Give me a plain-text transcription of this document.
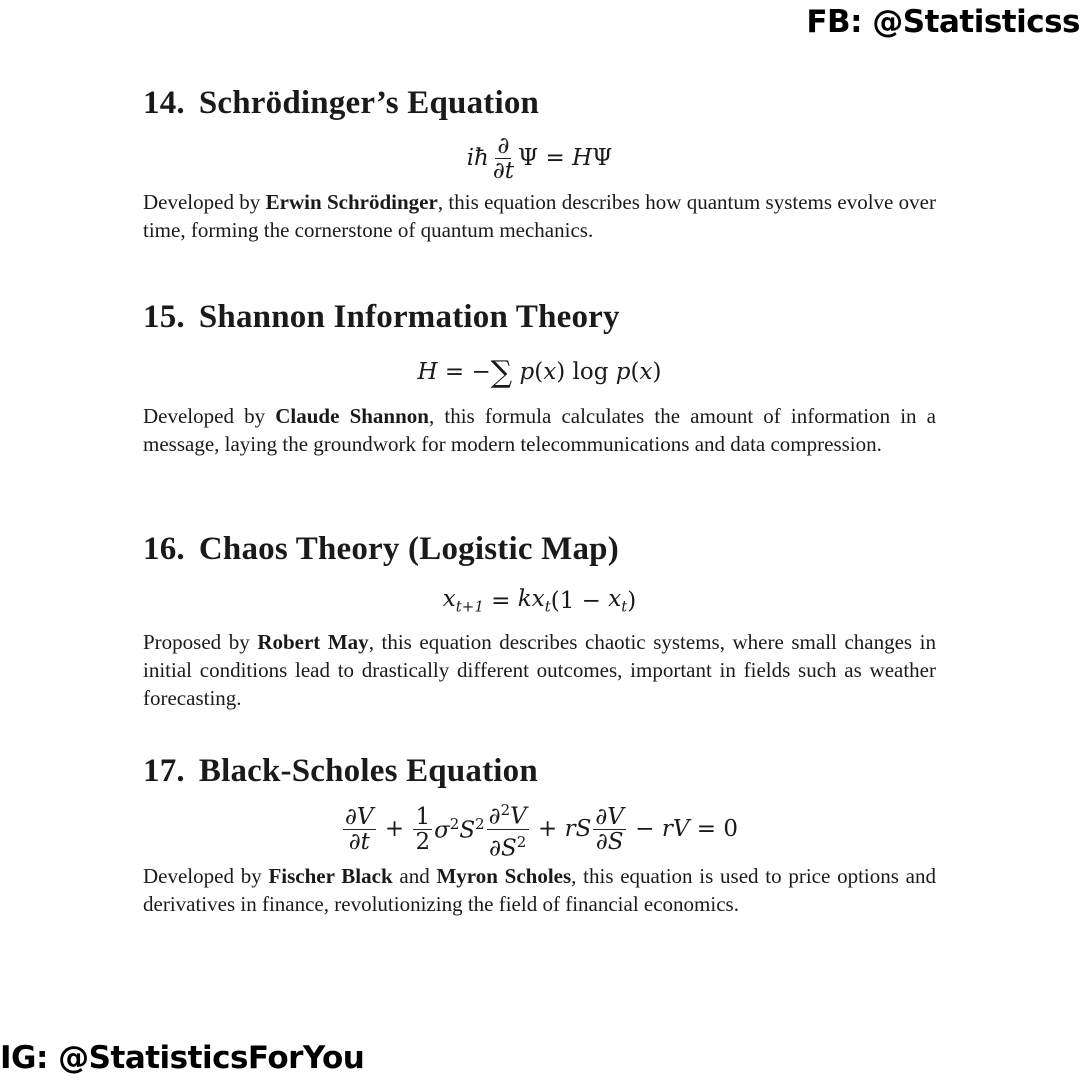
FB: @Statisticss
IG: @StatisticsForYou
14. Schrödinger’s Equation
iħ $\frac{\partial}{\partial t}$ Ψ = H Ψ

Developed by Erwin Schrödinger, this equation describes how quantum systems evolve over time, forming the cornerstone of quantum mechanics.

15. Shannon Information Theory
H = − ∑ p ( x ) log p ( x )

Developed by Claude Shannon, this formula calculates the amount of information in a message, laying the groundwork for modern telecommunications and data compression.

16. Chaos Theory (Logistic Map)
$x_{t+1} = kx_t$ ($1 - x_t$ )

Proposed by Robert May, this equation describes chaotic systems, where small changes in initial conditions lead to drastically different outcomes, important in fields such as weather forecasting.

17. Black-Scholes Equation
$\frac{\partial V}{\partial t} + \frac{1}{2} \sigma^2S^2 \frac{\partial^2V}{\partial S^2}$ + rS $\frac{\partial V}{\partial S}$ − rV = 0

Developed by Fischer Black and Myron Scholes, this equation is used to price options and derivatives in finance, revolutionizing the field of financial economics.
